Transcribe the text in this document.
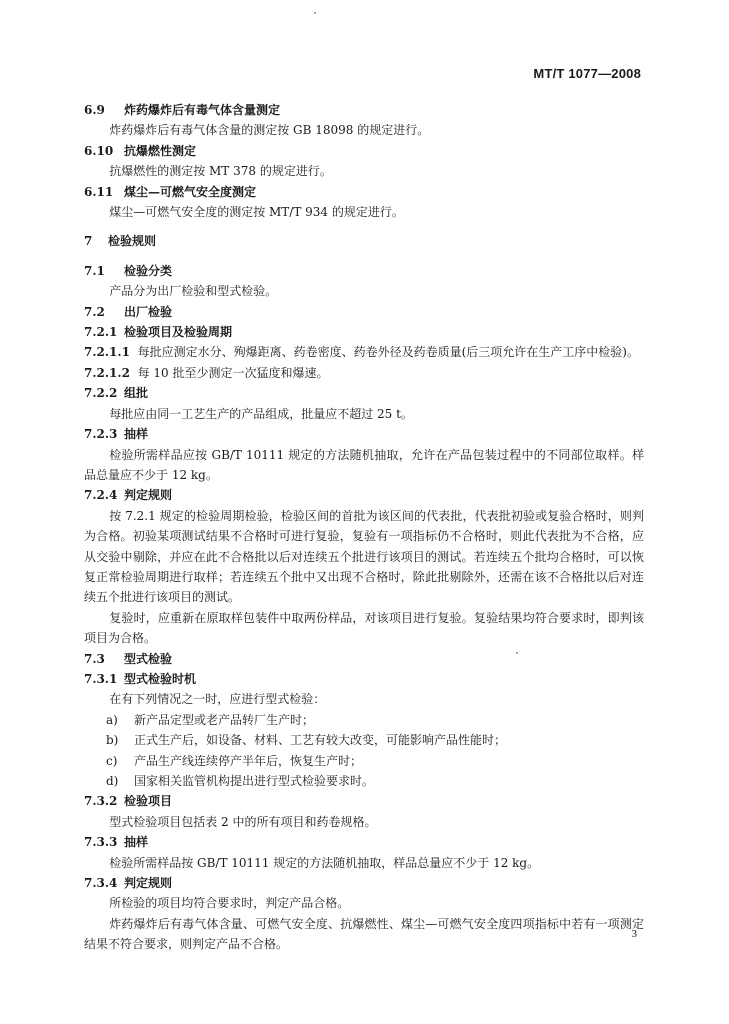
MT/T 1077—2008
6.9 炸药爆炸后有毒气体含量测定
炸药爆炸后有毒气体含量的测定按 GB 18098 的规定进行。
6.10 抗爆燃性测定
抗爆燃性的测定按 MT 378 的规定进行。
6.11 煤尘—可燃气安全度测定
煤尘—可燃气安全度的测定按 MT/T 934 的规定进行。
7 检验规则
7.1 检验分类
产品分为出厂检验和型式检验。
7.2 出厂检验
7.2.1 检验项目及检验周期
7.2.1.1 每批应测定水分、殉爆距离、药卷密度、药卷外径及药卷质量(后三项允许在生产工序中检验)。
7.2.1.2 每 10 批至少测定一次猛度和爆速。
7.2.2 组批
每批应由同一工艺生产的产品组成，批量应不超过 25 t。
7.2.3 抽样
检验所需样品应按 GB/T 10111 规定的方法随机抽取，允许在产品包装过程中的不同部位取样。样品总量应不少于 12 kg。
7.2.4 判定规则
按 7.2.1 规定的检验周期检验，检验区间的首批为该区间的代表批，代表批初验或复验合格时，则判为合格。初验某项测试结果不合格时可进行复验，复验有一项指标仍不合格时，则此代表批为不合格，应从交验中剔除，并应在此不合格批以后对连续五个批进行该项目的测试。若连续五个批均合格时，可以恢复正常检验周期进行取样；若连续五个批中又出现不合格时，除此批剔除外，还需在该不合格批以后对连续五个批进行该项目的测试。
复验时，应重新在原取样包装件中取两份样品，对该项目进行复验。复验结果均符合要求时，即判该项目为合格。
7.3 型式检验
7.3.1 型式检验时机
在有下列情况之一时，应进行型式检验：
a) 新产品定型或老产品转厂生产时；
b) 正式生产后，如设备、材料、工艺有较大改变，可能影响产品性能时；
c) 产品生产线连续停产半年后，恢复生产时；
d) 国家相关监管机构提出进行型式检验要求时。
7.3.2 检验项目
型式检验项目包括表 2 中的所有项目和药卷规格。
7.3.3 抽样
检验所需样品按 GB/T 10111 规定的方法随机抽取，样品总量应不少于 12 kg。
7.3.4 判定规则
所检验的项目均符合要求时，判定产品合格。
炸药爆炸后有毒气体含量、可燃气安全度、抗爆燃性、煤尘—可燃气安全度四项指标中若有一项测定结果不符合要求，则判定产品不合格。
3
